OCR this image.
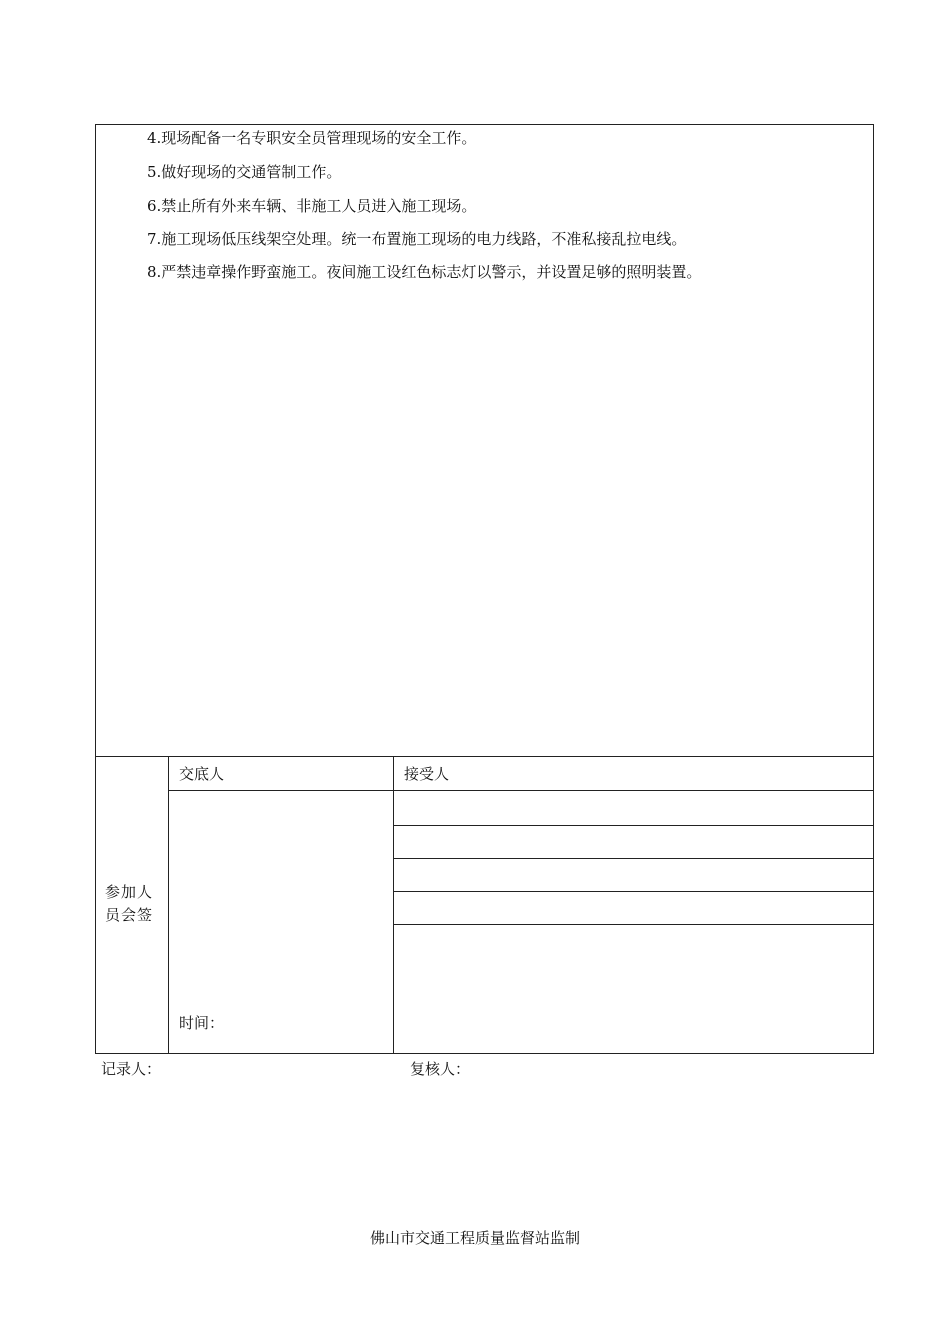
4.现场配备一名专职安全员管理现场的安全工作。
5.做好现场的交通管制工作。
6.禁止所有外来车辆、非施工人员进入施工现场。
7.施工现场低压线架空处理。统一布置施工现场的电力线路，不准私接乱拉电线。
8.严禁违章操作野蛮施工。夜间施工设红色标志灯以警示，并设置足够的照明装置。
参加人员会签
交底人
时间：
接受人
记录人：	复核人：
佛山市交通工程质量监督站监制
